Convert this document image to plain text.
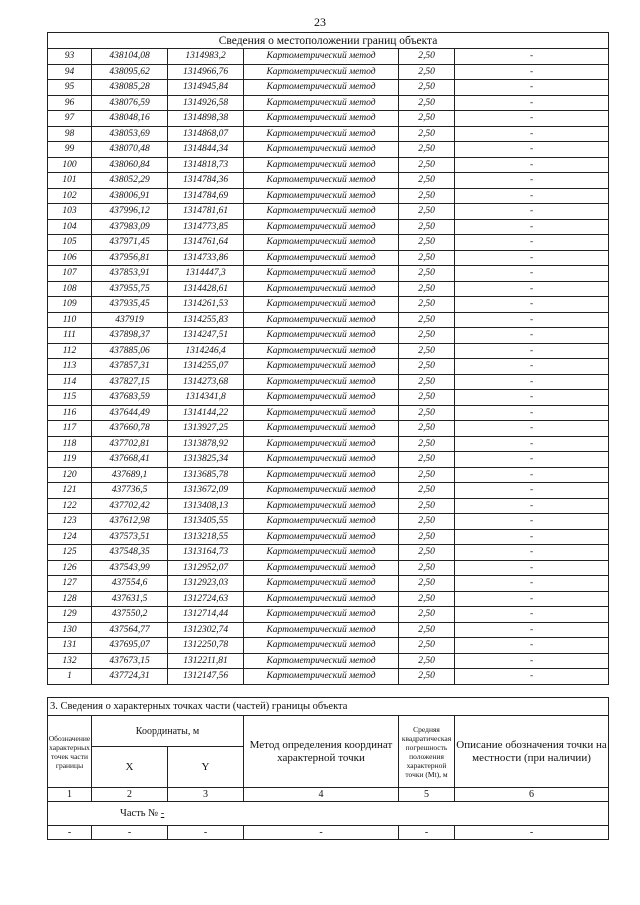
23
Сведения о местоположении границ объекта					
93	438104,08	1314983,2	Картометрический метод	2,50	-
94	438095,62	1314966,76	Картометрический метод	2,50	-
95	438085,28	1314945,84	Картометрический метод	2,50	-
96	438076,59	1314926,58	Картометрический метод	2,50	-
97	438048,16	1314898,38	Картометрический метод	2,50	-
98	438053,69	1314868,07	Картометрический метод	2,50	-
99	438070,48	1314844,34	Картометрический метод	2,50	-
100	438060,84	1314818,73	Картометрический метод	2,50	-
101	438052,29	1314784,36	Картометрический метод	2,50	-
102	438006,91	1314784,69	Картометрический метод	2,50	-
103	437996,12	1314781,61	Картометрический метод	2,50	-
104	437983,09	1314773,85	Картометрический метод	2,50	-
105	437971,45	1314761,64	Картометрический метод	2,50	-
106	437956,81	1314733,86	Картометрический метод	2,50	-
107	437853,91	1314447,3	Картометрический метод	2,50	-
108	437955,75	1314428,61	Картометрический метод	2,50	-
109	437935,45	1314261,53	Картометрический метод	2,50	-
110	437919	1314255,83	Картометрический метод	2,50	-
111	437898,37	1314247,51	Картометрический метод	2,50	-
112	437885,06	1314246,4	Картометрический метод	2,50	-
113	437857,31	1314255,07	Картометрический метод	2,50	-
114	437827,15	1314273,68	Картометрический метод	2,50	-
115	437683,59	1314341,8	Картометрический метод	2,50	-
116	437644,49	1314144,22	Картометрический метод	2,50	-
117	437660,78	1313927,25	Картометрический метод	2,50	-
118	437702,81	1313878,92	Картометрический метод	2,50	-
119	437668,41	1313825,34	Картометрический метод	2,50	-
120	437689,1	1313685,78	Картометрический метод	2,50	-
121	437736,5	1313672,09	Картометрический метод	2,50	-
122	437702,42	1313408,13	Картометрический метод	2,50	-
123	437612,98	1313405,55	Картометрический метод	2,50	-
124	437573,51	1313218,55	Картометрический метод	2,50	-
125	437548,35	1313164,73	Картометрический метод	2,50	-
126	437543,99	1312952,07	Картометрический метод	2,50	-
127	437554,6	1312923,03	Картометрический метод	2,50	-
128	437631,5	1312724,63	Картометрический метод	2,50	-
129	437550,2	1312714,44	Картометрический метод	2,50	-
130	437564,77	1312302,74	Картометрический метод	2,50	-
131	437695,07	1312250,78	Картометрический метод	2,50	-
132	437673,15	1312211,81	Картометрический метод	2,50	-
1	437724,31	1312147,56	Картометрический метод	2,50	-
3. Сведения о характерных точках части (частей) границы объекта					
Обозначение характерных точек части границы	Координаты, м		Метод определения координат характерной точки	Средняя квадратическая погрешность положения характерной точки (Mt), м	Описание обозначения точки на местности (при наличии)
	X	Y			
1	2	3	4	5	6
Часть № -					
-	-	-	-	-	-
